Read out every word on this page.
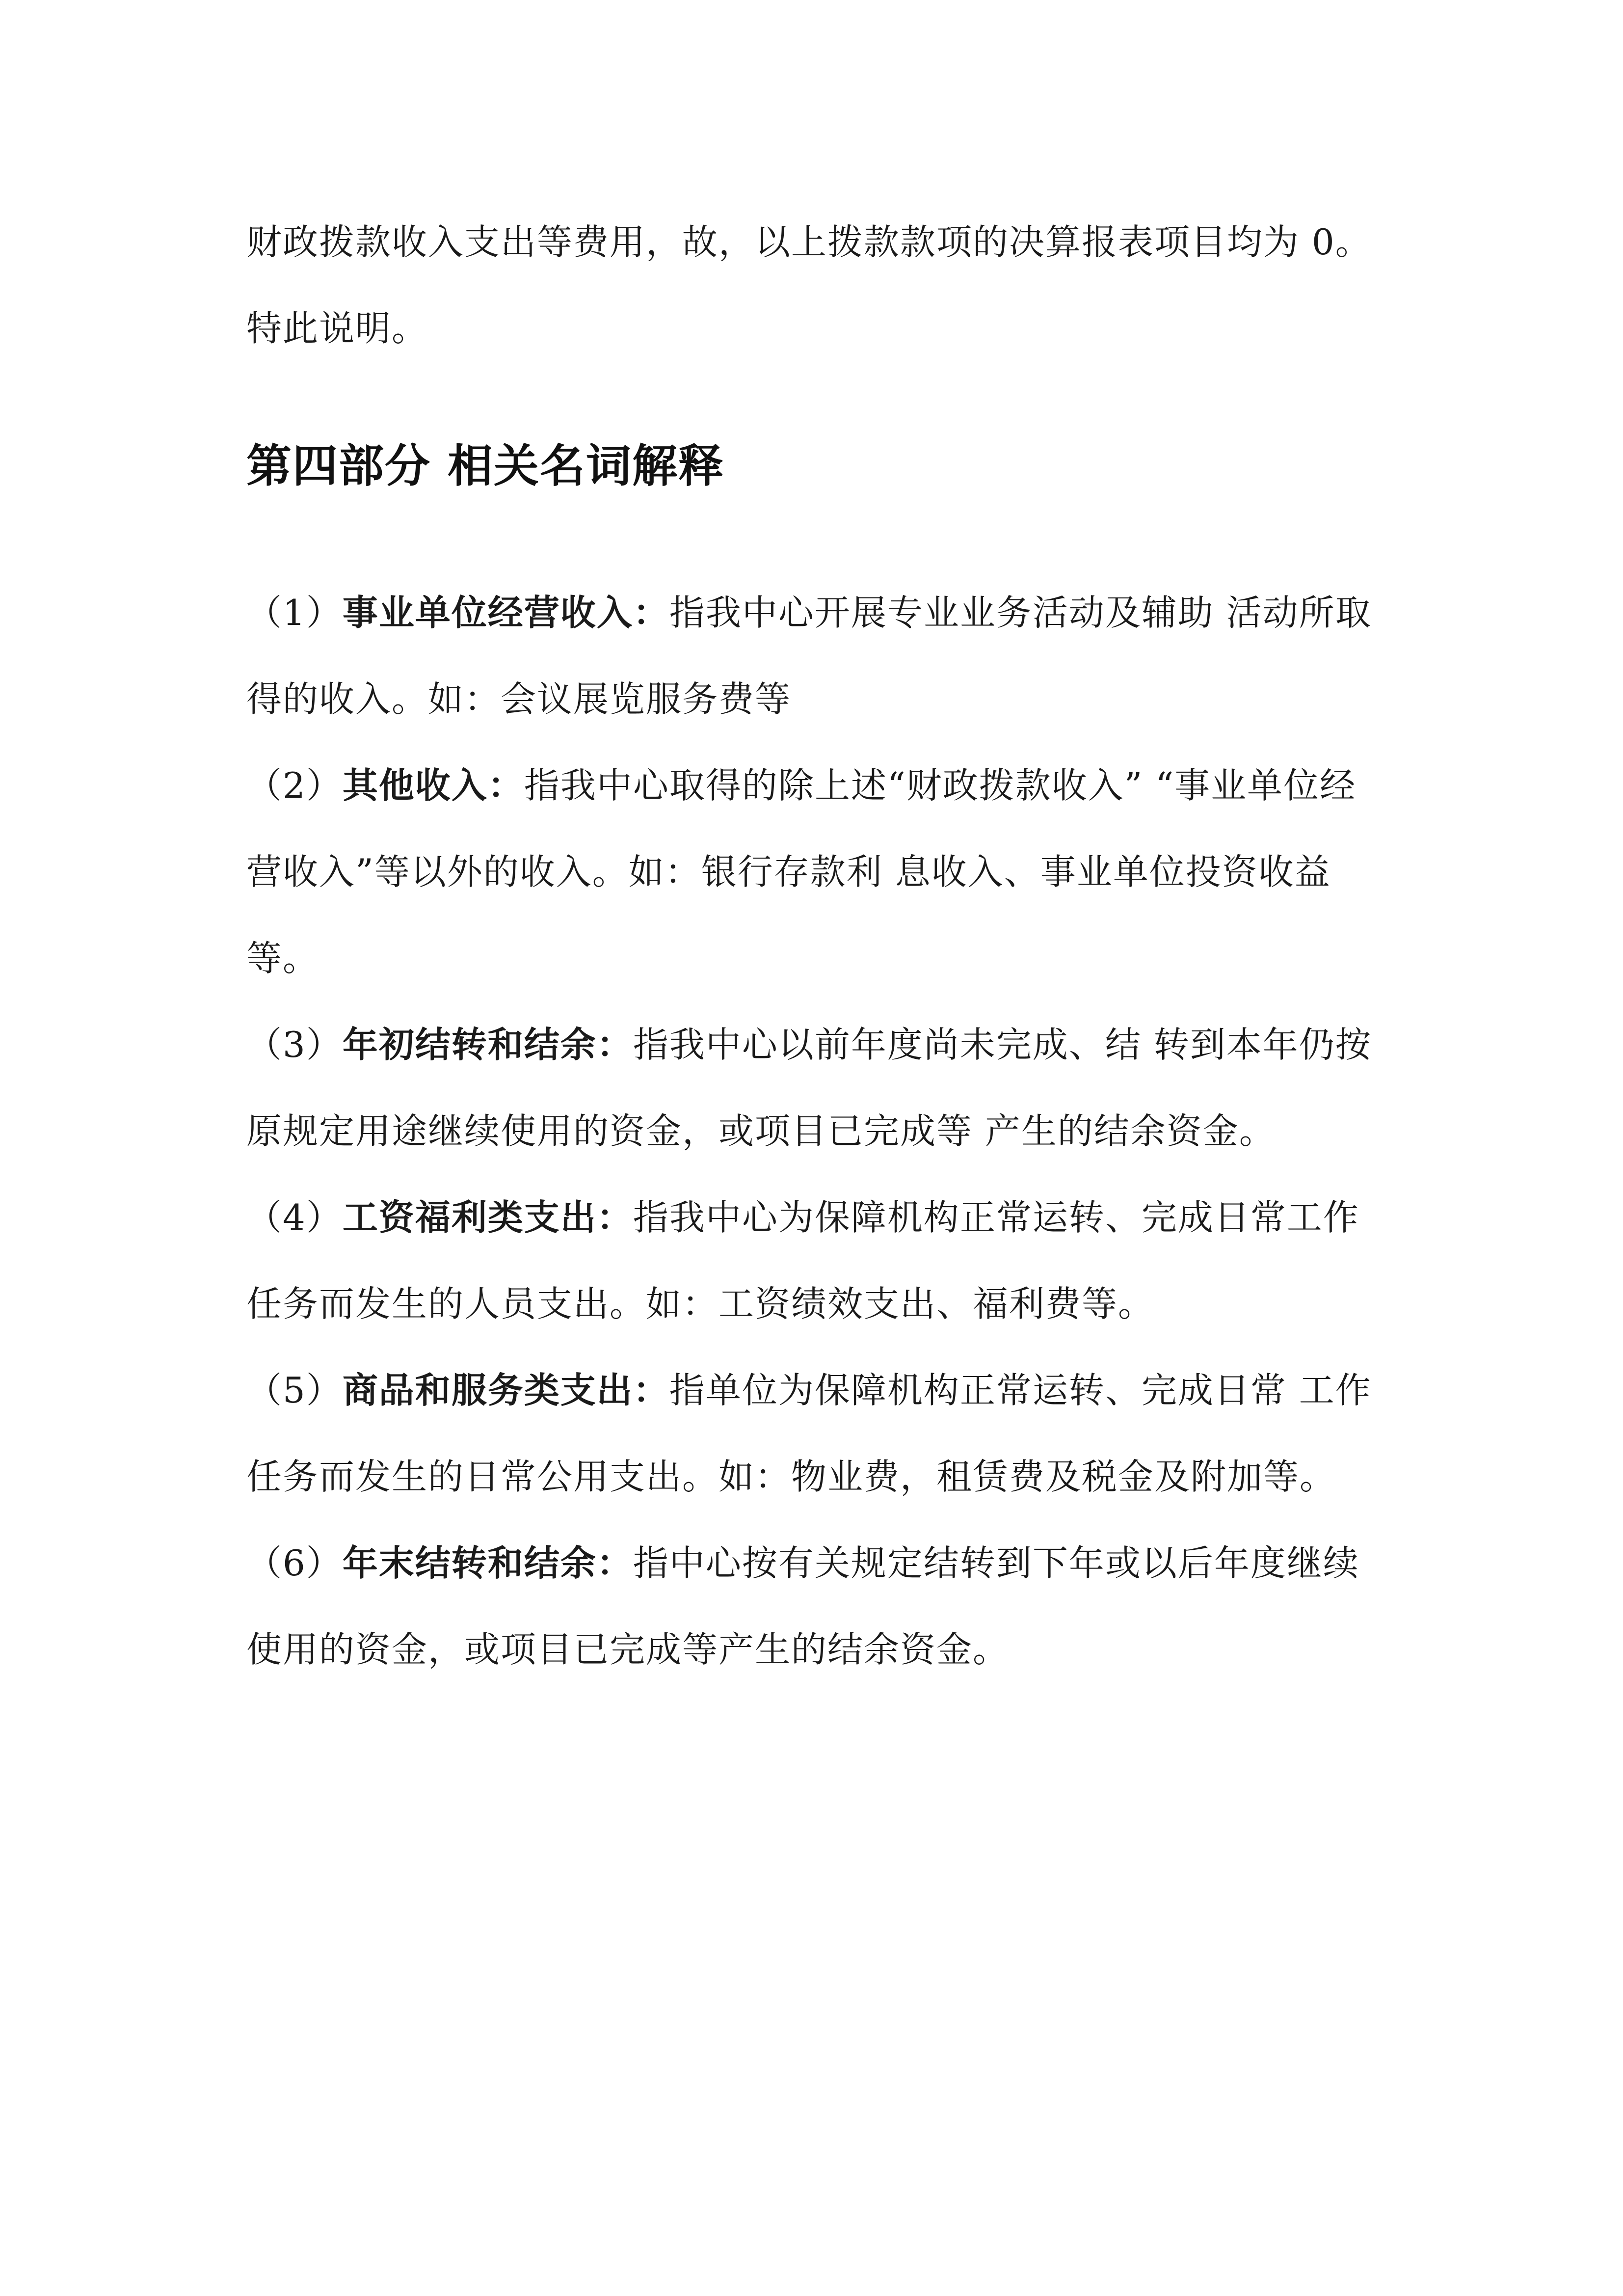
财政拨款收入支出等费用，故，以上拨款款项的决算报表项目均为 0。
特此说明。
第四部分 相关名词解释

（1）事业单位经营收入：指我中心开展专业业务活动及辅助 活动所取得的收入。如：会议展览服务费等

（2）其他收入：指我中心取得的除上述“财政拨款收入” “事业单位经营收入”等以外的收入。如：银行存款利 息收入、事业单位投资收益等。

（3）年初结转和结余：指我中心以前年度尚未完成、结 转到本年仍按原规定用途继续使用的资金，或项目已完成等 产生的结余资金。

（4）工资福利类支出：指我中心为保障机构正常运转、完成日常工作任务而发生的人员支出。如：工资绩效支出、福利费等。

（5）商品和服务类支出：指单位为保障机构正常运转、完成日常 工作任务而发生的日常公用支出。如：物业费，租赁费及税金及附加等。

（6）年末结转和结余：指中心按有关规定结转到下年或以后年度继续使用的资金，或项目已完成等产生的结余资金。
